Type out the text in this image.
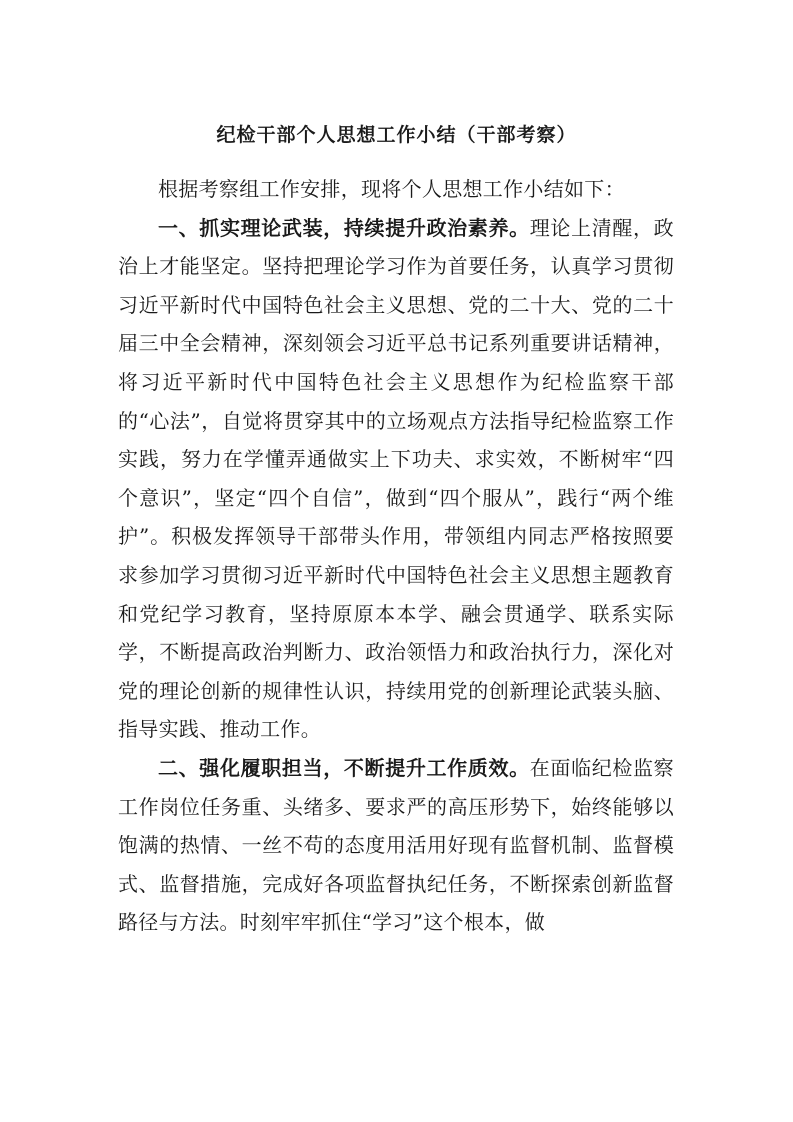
纪检干部个人思想工作小结（干部考察）

根据考察组工作安排，现将个人思想工作小结如下：

一、抓实理论武装，持续提升政治素养。理论上清醒，政治上才能坚定。坚持把理论学习作为首要任务，认真学习贯彻习近平新时代中国特色社会主义思想、党的二十大、党的二十届三中全会精神，深刻领会习近平总书记系列重要讲话精神，将习近平新时代中国特色社会主义思想作为纪检监察干部的“心法”，自觉将贯穿其中的立场观点方法指导纪检监察工作实践，努力在学懂弄通做实上下功夫、求实效，不断树牢“四个意识”，坚定“四个自信”，做到“四个服从”，践行“两个维护”。积极发挥领导干部带头作用，带领组内同志严格按照要求参加学习贯彻习近平新时代中国特色社会主义思想主题教育和党纪学习教育，坚持原原本本学、融会贯通学、联系实际学，不断提高政治判断力、政治领悟力和政治执行力，深化对党的理论创新的规律性认识，持续用党的创新理论武装头脑、指导实践、推动工作。

二、强化履职担当，不断提升工作质效。在面临纪检监察工作岗位任务重、头绪多、要求严的高压形势下，始终能够以饱满的热情、一丝不苟的态度用活用好现有监督机制、监督模式、监督措施，完成好各项监督执纪任务，不断探索创新监督路径与方法。时刻牢牢抓住“学习”这个根本，做
